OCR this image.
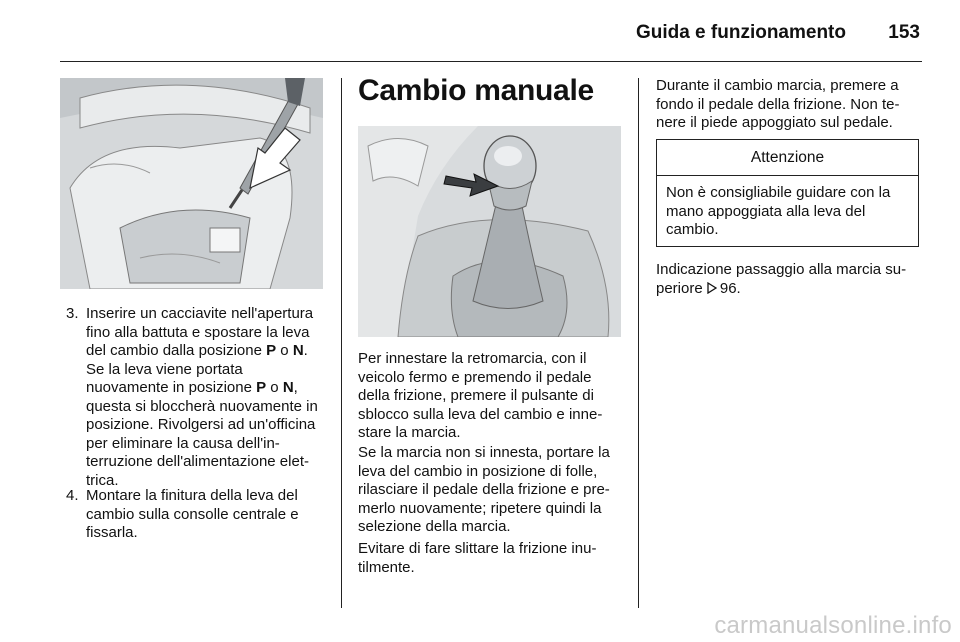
Guida e funzionamento 153
3. Inserire un cacciavite nell'apertura fino alla battuta e spostare la leva del cambio dalla posizione P o N. Se la leva viene portata nuovamente in posizione P o N, questa si bloccherà nuovamente in posizione. Rivolgersi ad un'officina per eliminare la causa dell'interruzione dell'alimentazione elettrica.
4. Montare la finitura della leva del cambio sulla consolle centrale e fissarla.
Cambio manuale
Per innestare la retromarcia, con il veicolo fermo e premendo il pedale della frizione, premere il pulsante di sblocco sulla leva del cambio e innestare la marcia.
Se la marcia non si innesta, portare la leva del cambio in posizione di folle, rilasciare il pedale della frizione e premerlo nuovamente; ripetere quindi la selezione della marcia.
Evitare di fare slittare la frizione inutilmente.
Durante il cambio marcia, premere a fondo il pedale della frizione. Non tenere il piede appoggiato sul pedale.
Attenzione
Non è consigliabile guidare con la mano appoggiata alla leva del cambio.
Indicazione passaggio alla marcia superiore 96.
carmanualsonline.info
